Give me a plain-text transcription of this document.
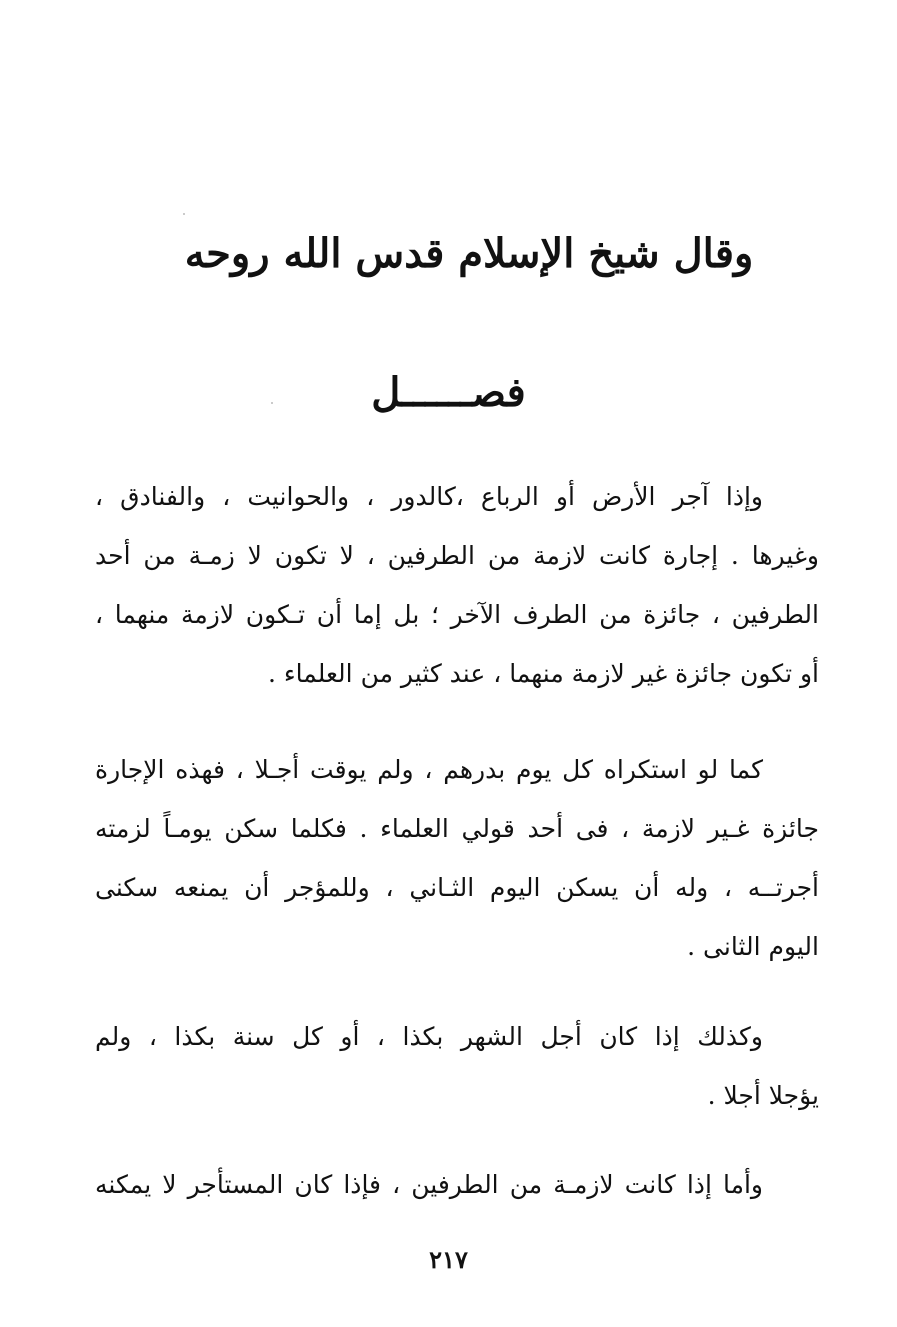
وقال شيخ الإسلام قدس الله روحه
فصــــــل
وإذا آجر الأرض أو الرباع ،كالدور ، والحوانيت ، والفنادق ،
وغيرها . إجارة كانت لازمة من الطرفين ، لا تكون لا زمـة من أحد
الطرفين ، جائزة من الطرف الآخر ؛ بل إما أن تـكون لازمة منهما ،
أو تكون جائزة غير لازمة منهما ، عند كثير من العلماء .
كما لو استكراه كل يوم بدرهم ، ولم يوقت أجـلا ، فهذه الإجارة
جائزة غـير لازمة ، فى أحد قولي العلماء . فكلما سكن يومـاً لزمته
أجرتــه ، وله أن يسكن اليوم الثـاني ، وللمؤجر أن يمنعه سكنى
اليوم الثانى .
وكذلك إذا كان أجل الشهر بكذا ، أو كل سنة بكذا ، ولم
يؤجلا أجلا .
وأما إذا كانت لازمـة من الطرفين ، فإذا كان المستأجر لا يمكنه
٢١٧
